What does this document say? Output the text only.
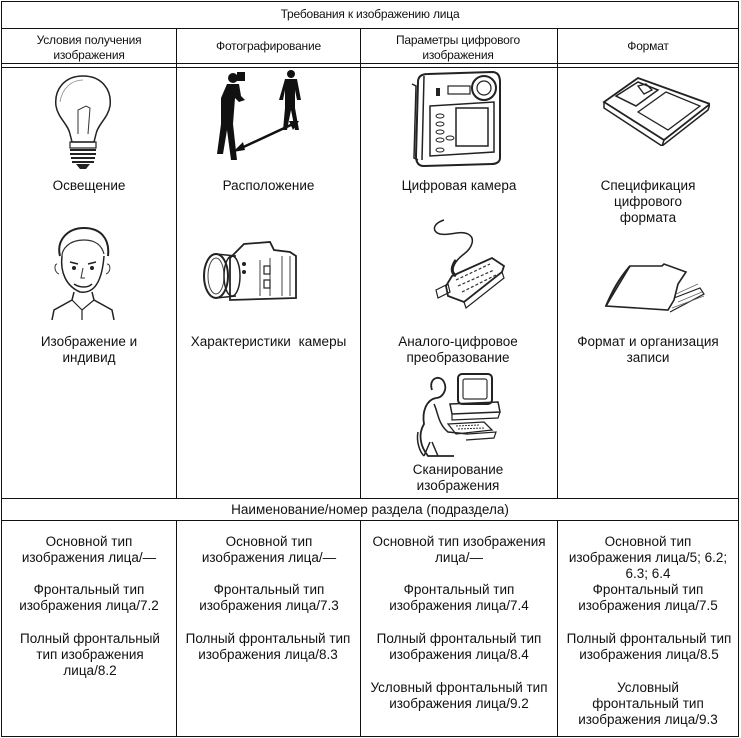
Требования к изображению лица
Условия получения изображения
Фотографирование	Параметры цифрового изображения
Формат
Освещение
Изображение и индивид
Расположение
Характеристики камеры
Цифровая камера
Аналого-цифровое преобразование
Сканирование изображения
Спецификация цифрового формата
Формат и организация записи
Наименование/номер раздела (подраздела)
Основной тип изображения лица/—
Фронтальный тип изображения лица/7.2
Полный фронтальный тип изображения лица/8.2
Основной тип изображения лица/—
Фронтальный тип изображения лица/7.3
Полный фронтальный тип изображения лица/8.3
Основной тип изображения лица/—
Фронтальный тип изображения лица/7.4
Полный фронтальный тип изображения лица/8.4
Условный фронтальный тип изображения лица/9.2
Основной тип изображения лица/5; 6.2; 6.3; 6.4
Фронтальный тип изображения лица/7.5
Полный фронтальный тип изображения лица/8.5
Условный фронтальный тип изображения лица/9.3
